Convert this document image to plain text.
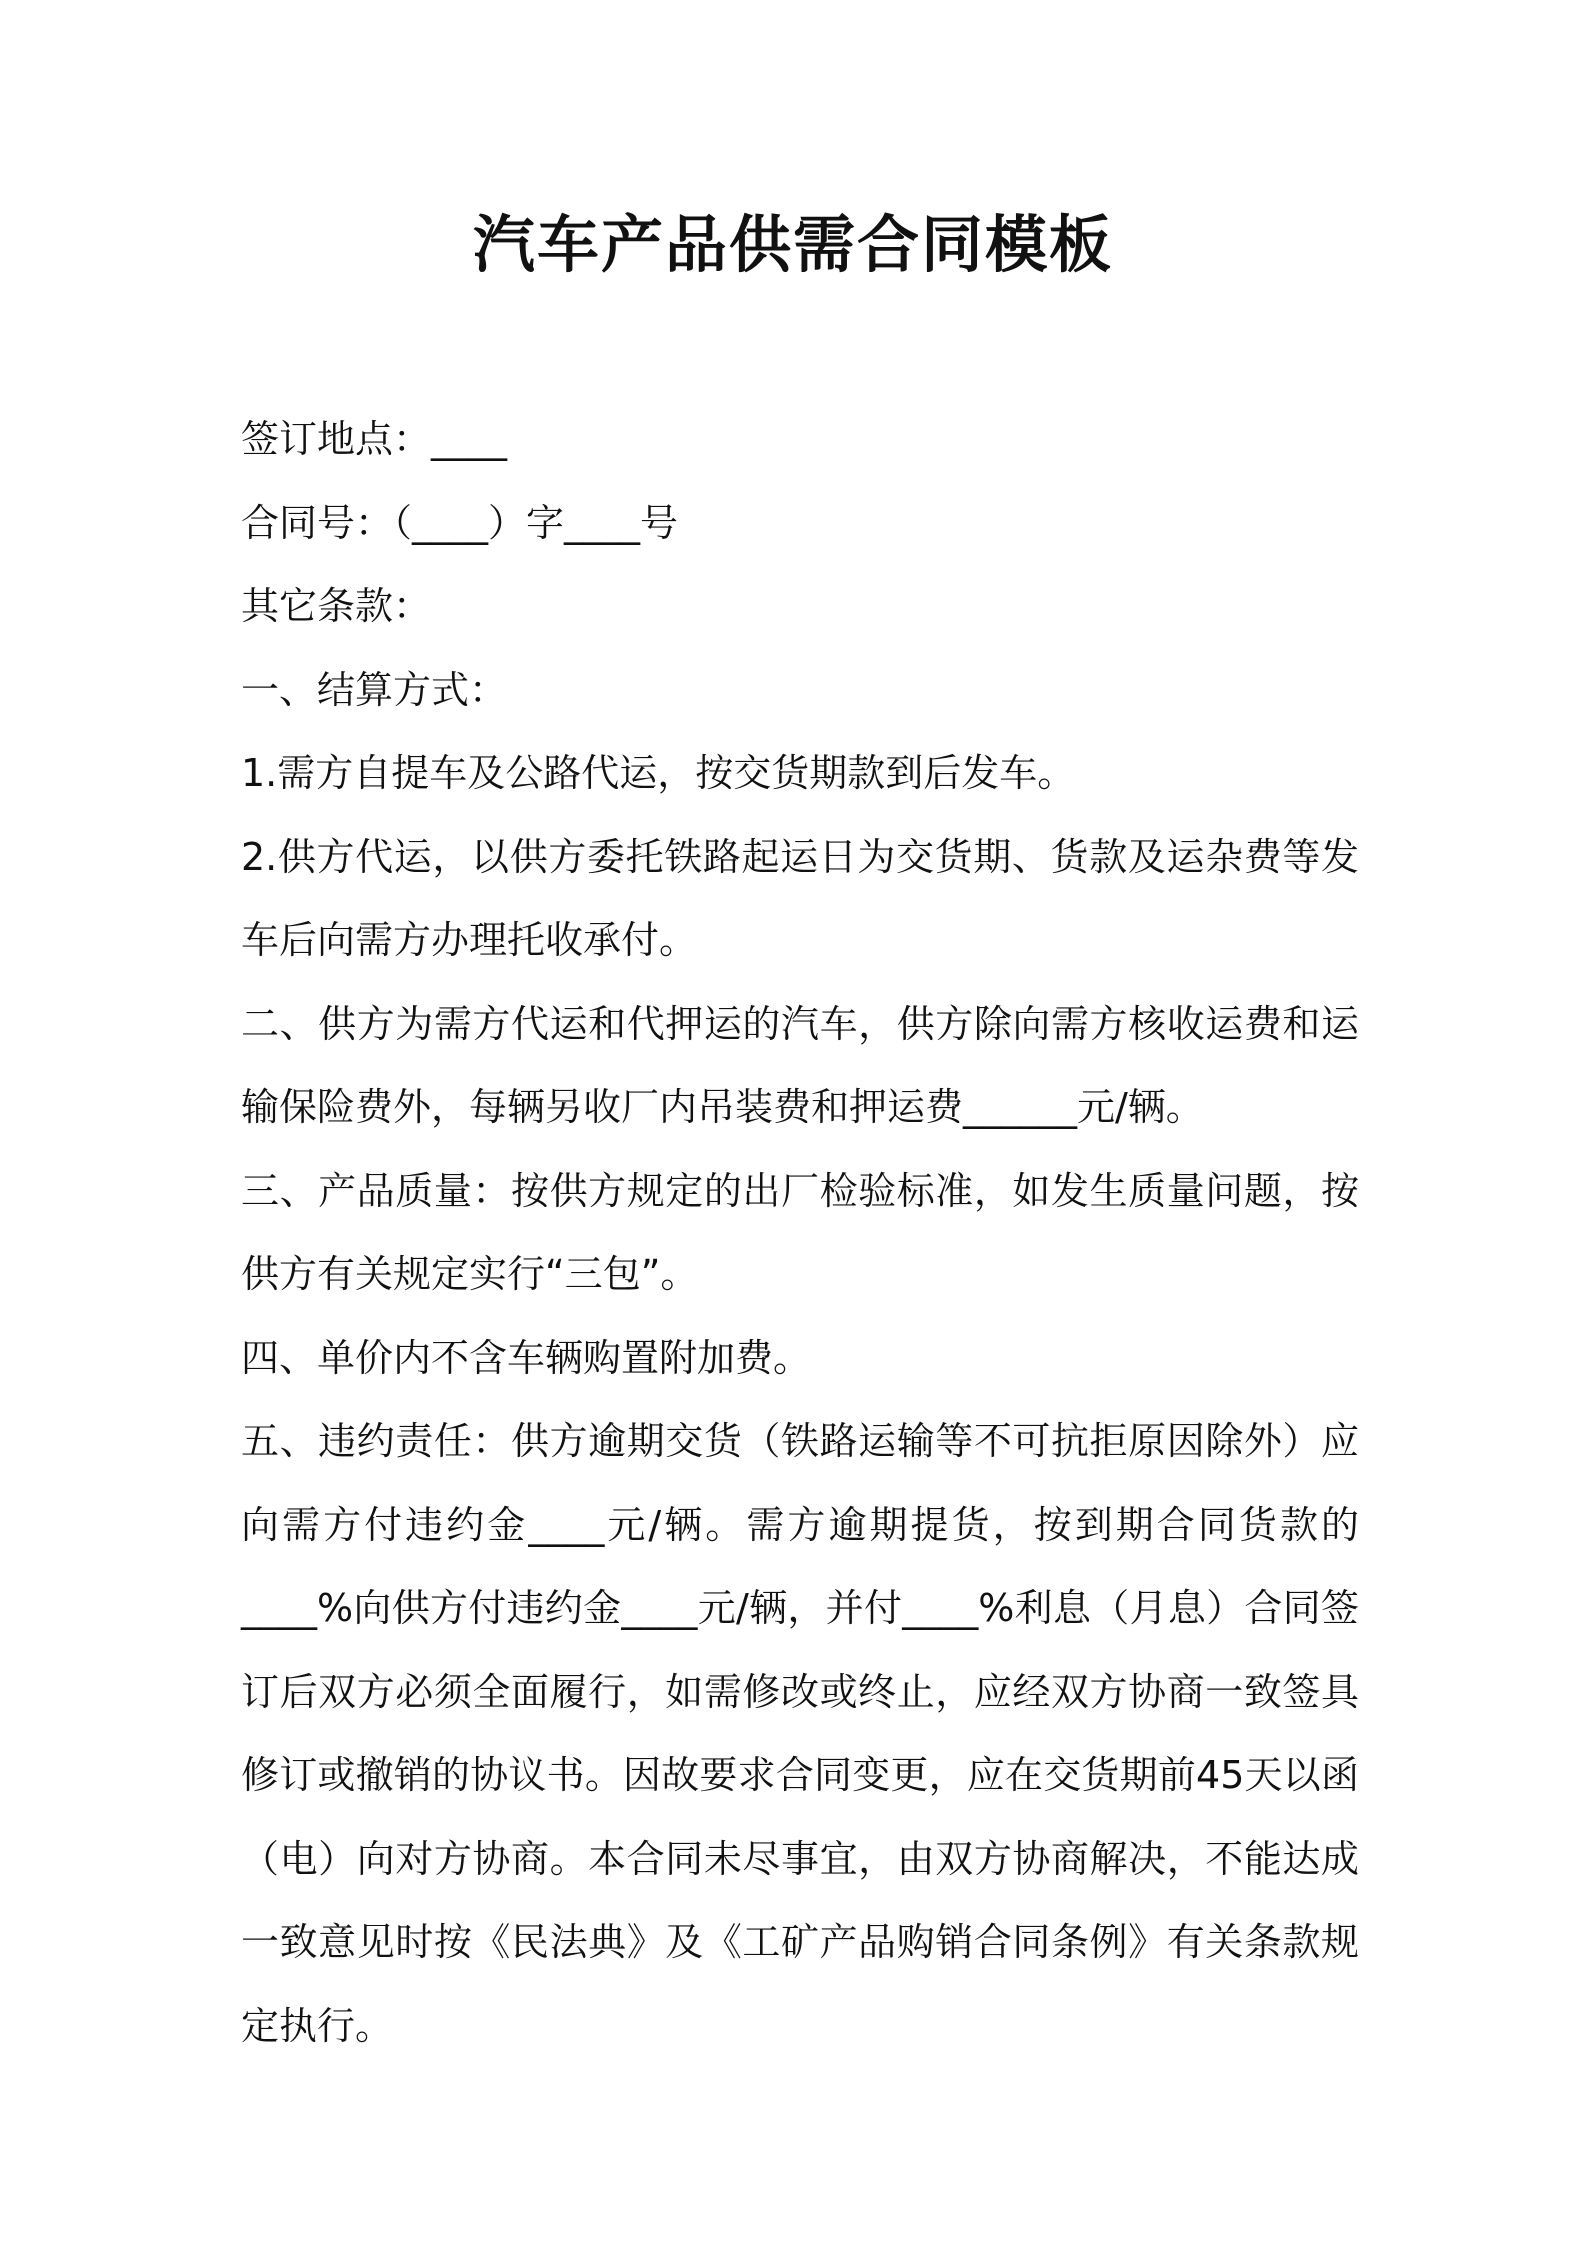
汽车产品供需合同模板

签订地点：____

合同号：（____）字____号

其它条款：

一、结算方式：

1.需方自提车及公路代运，按交货期款到后发车。

2.供方代运，以供方委托铁路起运日为交货期、货款及运杂费等发车后向需方办理托收承付。

二、供方为需方代运和代押运的汽车，供方除向需方核收运费和运输保险费外，每辆另收厂内吊装费和押运费______元/辆。

三、产品质量：按供方规定的出厂检验标准，如发生质量问题，按供方有关规定实行“三包”。

四、单价内不含车辆购置附加费。

五、违约责任：供方逾期交货（铁路运输等不可抗拒原因除外）应向需方付违约金____元/辆。需方逾期提货，按到期合同货款的____%向供方付违约金____元/辆，并付____%利息（月息）合同签订后双方必须全面履行，如需修改或终止，应经双方协商一致签具修订或撤销的协议书。因故要求合同变更，应在交货期前45天以函（电）向对方协商。本合同未尽事宜，由双方协商解决，不能达成一致意见时按《民法典》及《工矿产品购销合同条例》有关条款规定执行。
